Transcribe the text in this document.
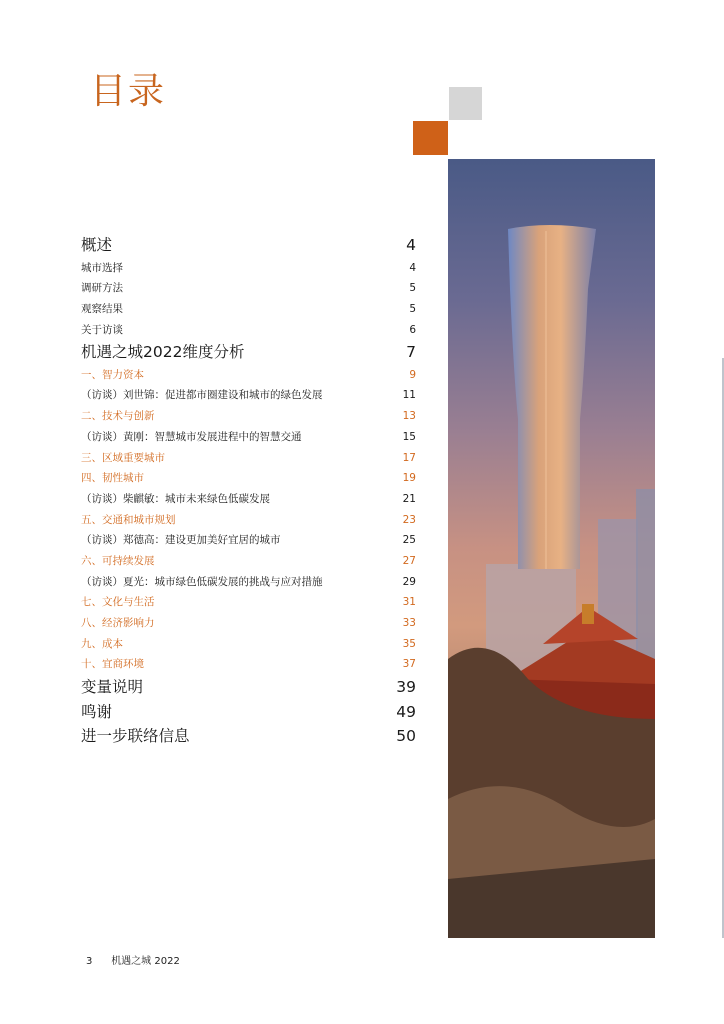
目录
概述	4
城市选择	4
调研方法	5
观察结果	5
关于访谈	6
机遇之城2022维度分析	7
一、智力资本	9
（访谈）刘世锦：促进都市圈建设和城市的绿色发展	11
二、技术与创新	13
（访谈）黄刚：智慧城市发展进程中的智慧交通	15
三、区域重要城市	17
四、韧性城市	19
（访谈）柴麒敏：城市未来绿色低碳发展	21
五、交通和城市规划	23
（访谈）郑德高：建设更加美好宜居的城市	25
六、可持续发展	27
（访谈）夏光：城市绿色低碳发展的挑战与应对措施	29
七、文化与生活	31
八、经济影响力	33
九、成本	35
十、宜商环境	37
变量说明	39
鸣谢	49
进一步联络信息	50
3 机遇之城 2022
